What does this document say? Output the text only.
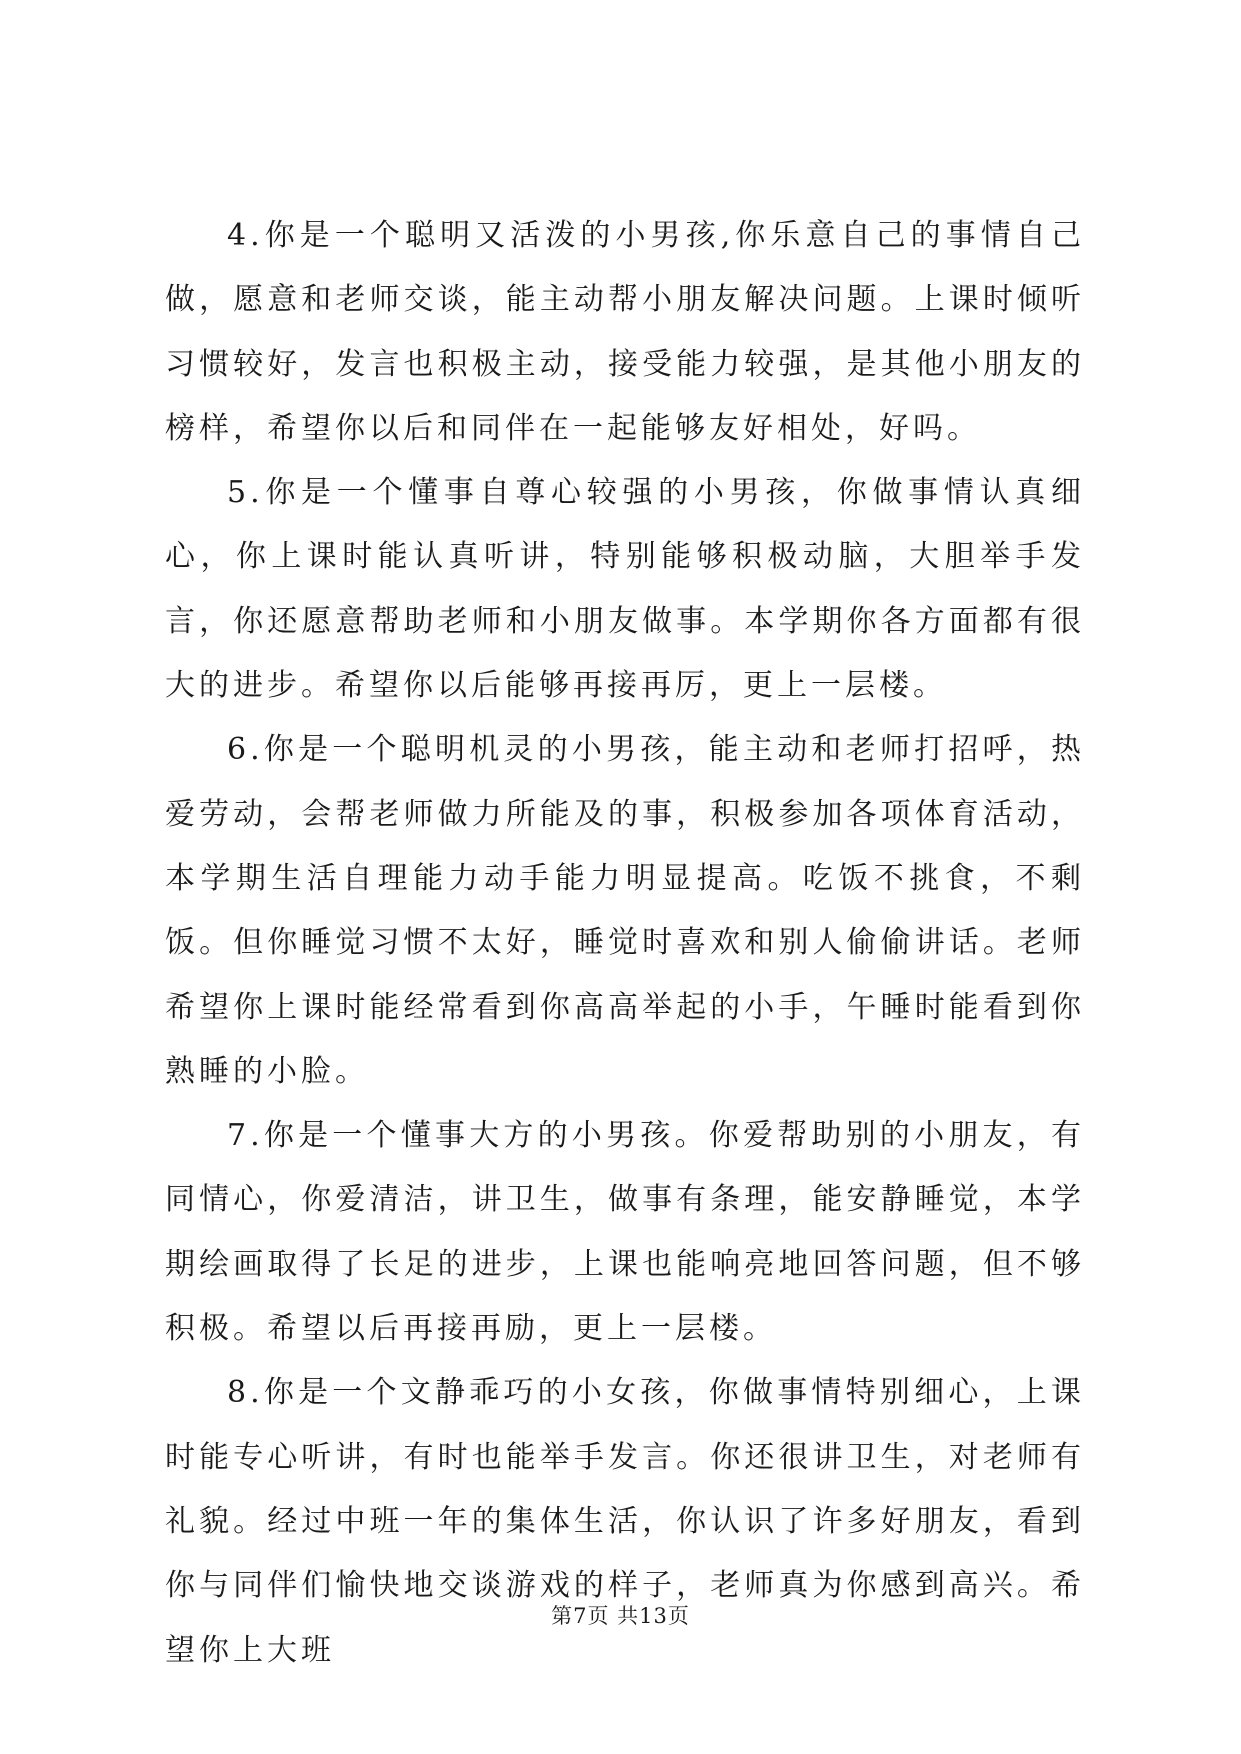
4.你是一个聪明又活泼的小男孩,你乐意自己的事情自己做，愿意和老师交谈，能主动帮小朋友解决问题。上课时倾听习惯较好，发言也积极主动，接受能力较强，是其他小朋友的榜样，希望你以后和同伴在一起能够友好相处，好吗。

5.你是一个懂事自尊心较强的小男孩，你做事情认真细心，你上课时能认真听讲，特别能够积极动脑，大胆举手发言，你还愿意帮助老师和小朋友做事。本学期你各方面都有很大的进步。希望你以后能够再接再厉，更上一层楼。

6.你是一个聪明机灵的小男孩，能主动和老师打招呼，热爱劳动，会帮老师做力所能及的事，积极参加各项体育活动，本学期生活自理能力动手能力明显提高。吃饭不挑食，不剩饭。但你睡觉习惯不太好，睡觉时喜欢和别人偷偷讲话。老师希望你上课时能经常看到你高高举起的小手，午睡时能看到你熟睡的小脸。

7.你是一个懂事大方的小男孩。你爱帮助别的小朋友，有同情心，你爱清洁，讲卫生，做事有条理，能安静睡觉，本学期绘画取得了长足的进步，上课也能响亮地回答问题，但不够积极。希望以后再接再励，更上一层楼。

8.你是一个文静乖巧的小女孩，你做事情特别细心，上课时能专心听讲，有时也能举手发言。你还很讲卫生，对老师有礼貌。经过中班一年的集体生活，你认识了许多好朋友，看到你与同伴们愉快地交谈游戏的样子，老师真为你感到高兴。希望你上大班

第7页 共13页
